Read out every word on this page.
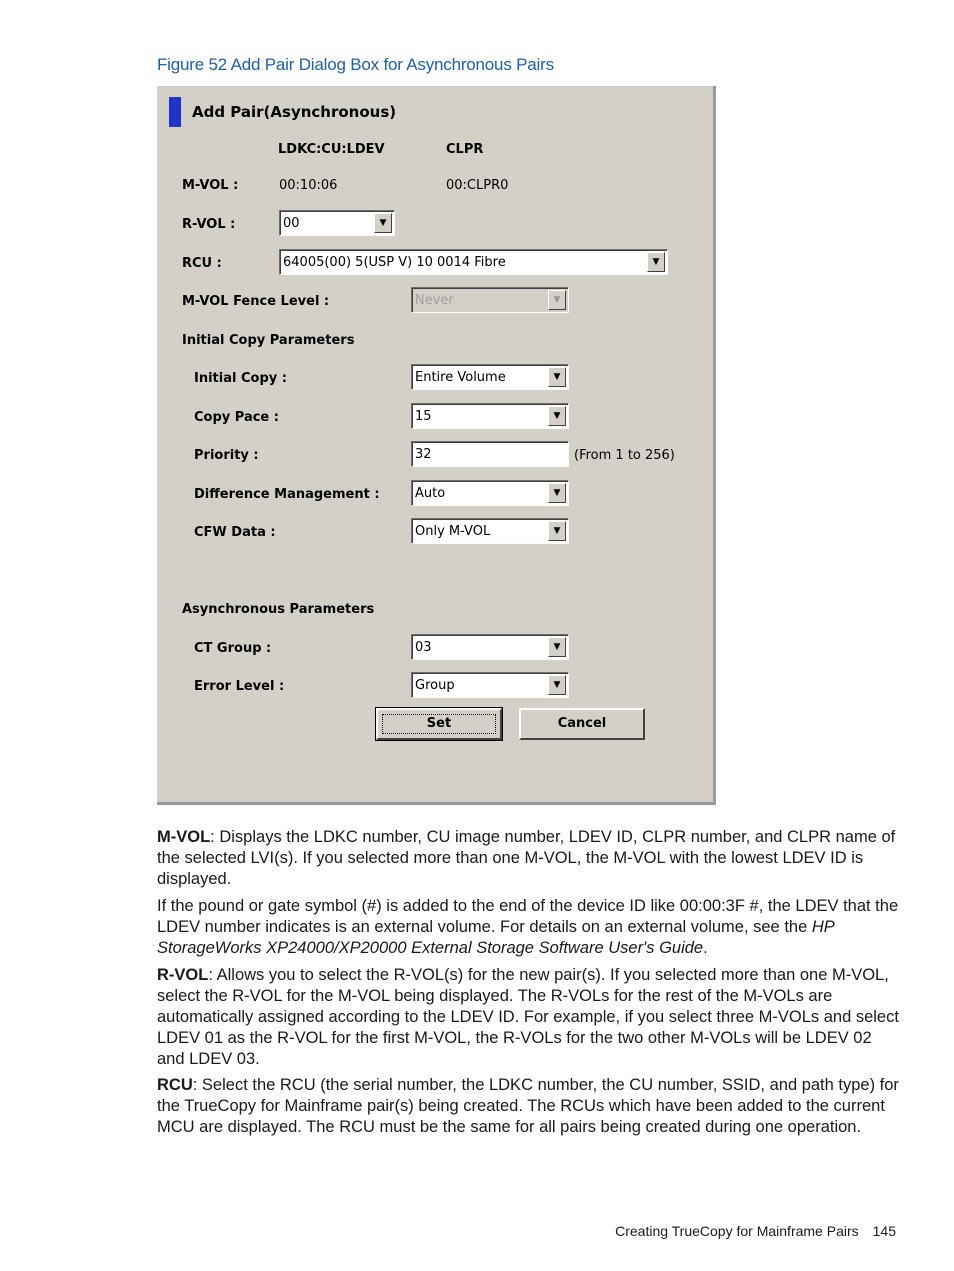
Figure 52 Add Pair Dialog Box for Asynchronous Pairs
Add Pair(Asynchronous)
LDKC:CU:LDEV	CLPR
M-VOL :	00:10:06	00:CLPR0
R-VOL :	00	▼
RCU :	64005(00) 5(USP V) 10 0014 Fibre	▼
M-VOL Fence Level :	Never	▼
Initial Copy Parameters
Initial Copy :	Entire Volume	▼
Copy Pace :	15	▼
Priority :	32	(From 1 to 256)
Difference Management :	Auto	▼
CFW Data :	Only M-VOL	▼
Asynchronous Parameters
CT Group :	03	▼
Error Level :	Group	▼
Set	Cancel
M-VOL: Displays the LDKC number, CU image number, LDEV ID, CLPR number, and CLPR name of the selected LVI(s). If you selected more than one M-VOL, the M-VOL with the lowest LDEV ID is displayed.
If the pound or gate symbol (#) is added to the end of the device ID like 00:00:3F #, the LDEV that the LDEV number indicates is an external volume. For details on an external volume, see the HP StorageWorks XP24000/XP20000 External Storage Software User's Guide.
R-VOL: Allows you to select the R-VOL(s) for the new pair(s). If you selected more than one M-VOL, select the R-VOL for the M-VOL being displayed. The R-VOLs for the rest of the M-VOLs are automatically assigned according to the LDEV ID. For example, if you select three M-VOLs and select LDEV 01 as the R-VOL for the first M-VOL, the R-VOLs for the two other M-VOLs will be LDEV 02 and LDEV 03.
RCU: Select the RCU (the serial number, the LDKC number, the CU number, SSID, and path type) for the TrueCopy for Mainframe pair(s) being created. The RCUs which have been added to the current MCU are displayed. The RCU must be the same for all pairs being created during one operation.
Creating TrueCopy for Mainframe Pairs 145
